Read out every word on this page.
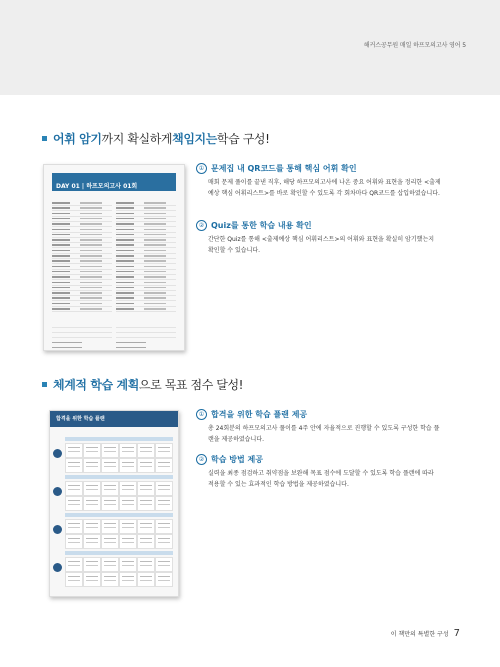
해커스공무원 매일 하프모의고사 영어 5
어휘 암기 까지 확실하게 책임지는 학습 구성!
DAY 01 | 하프모의고사 01회
① 문제집 내 QR코드를 통해 핵심 어휘 확인
매회 문제 풀이를 끝낸 직후, 해당 하프모의고사에 나온 중요 어휘와 표현을 정리한 <출제예상 핵심 어휘리스트>를 바로 확인할 수 있도록 각 회차마다 QR코드를 삽입하였습니다.
② Quiz를 통한 학습 내용 확인
간단한 Quiz를 통해 <출제예상 핵심 어휘리스트>의 어휘와 표현을 확실히 암기했는지 확인할 수 있습니다.
체계적 학습 계획 으로 목표 점수 달성!
합격을 위한 학습 플랜
① 합격을 위한 학습 플랜 제공
총 24회분의 하프모의고사 풀이를 4주 안에 자율적으로 진행할 수 있도록 구성한 학습 플랜을 제공하였습니다.
② 학습 방법 제공
실력을 최종 점검하고 취약점을 보완해 목표 점수에 도달할 수 있도록 학습 플랜에 따라 적용할 수 있는 효과적인 학습 방법을 제공하였습니다.
이 책만의 특별한 구성 7
